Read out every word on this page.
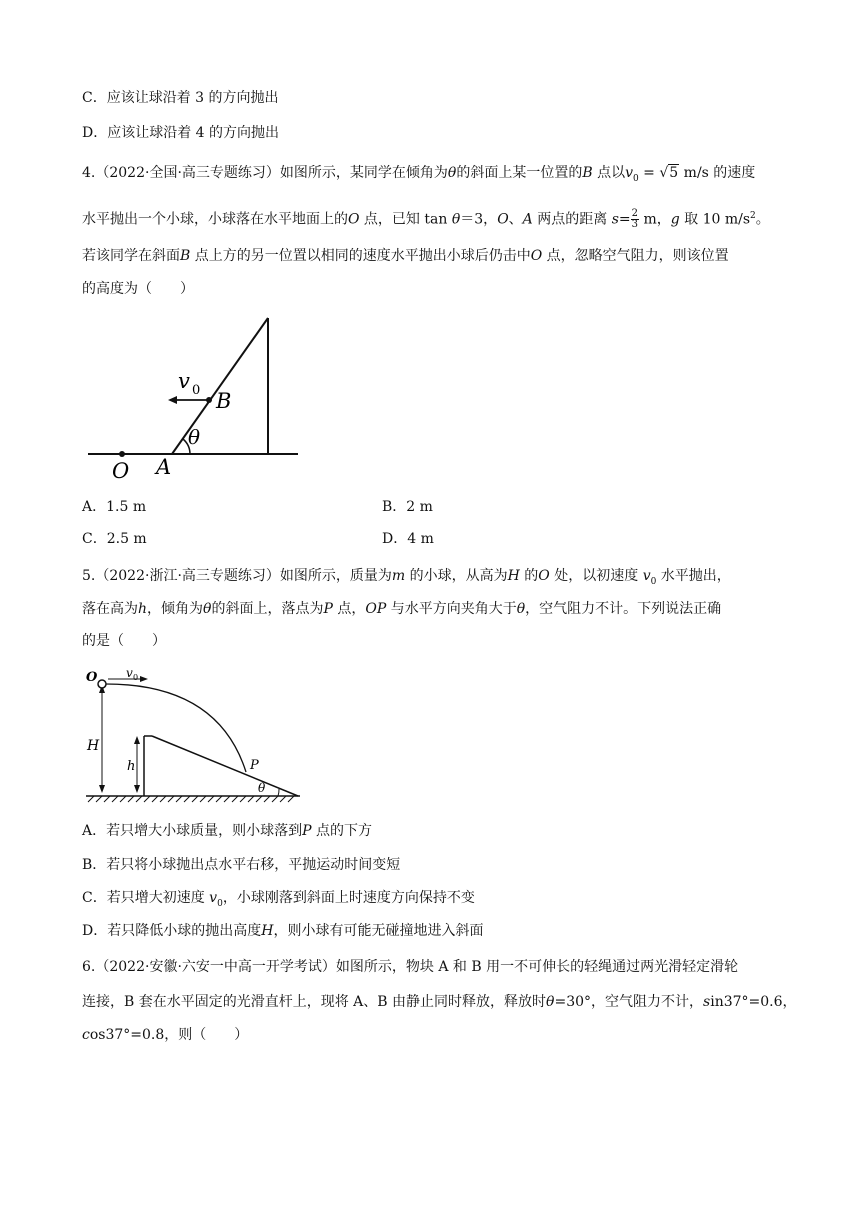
C．应该让球沿着 3 的方向抛出
D．应该让球沿着 4 的方向抛出
4.（2022·全国·高三专题练习）如图所示，某同学在倾角为θ的斜面上某一位置的B 点以$v_0 = √5$ m/s 的速度
水平抛出一个小球，小球落在水平地面上的O 点，已知 tan θ＝3，O、A 两点的距离 $s= \frac{2}{3}$ m，g 取 10 $m/s^2$。
若该同学在斜面B 点上方的另一位置以相同的速度水平抛出小球后仍击中O 点，忽略空气阻力，则该位置
的高度为（　　）
v 0 B
θ
O A
A．1.5 m	B．2 m
C．2.5 m	D．4 m
5.（2022·浙江·高三专题练习）如图所示，质量为m 的小球，从高为H 的O 处，以初速度 $v_0$ 水平抛出，
落在高为h，倾角为θ的斜面上，落点为P 点，OP 与水平方向夹角大于θ，空气阻力不计。下列说法正确
的是（　　）
O v 0
H
h	P
θ
A．若只增大小球质量，则小球落到P 点的下方
B．若只将小球抛出点水平右移，平抛运动时间变短
C．若只增大初速度 $v_0$，小球刚落到斜面上时速度方向保持不变
D．若只降低小球的抛出高度H，则小球有可能无碰撞地进入斜面
6.（2022·安徽·六安一中高一开学考试）如图所示，物块 A 和 B 用一不可伸长的轻绳通过两光滑轻定滑轮
连接，B 套在水平固定的光滑直杆上，现将 A、B 由静止同时释放，释放时θ=30°，空气阻力不计，sin37°=0.6，
cos37°=0.8，则（　　）
